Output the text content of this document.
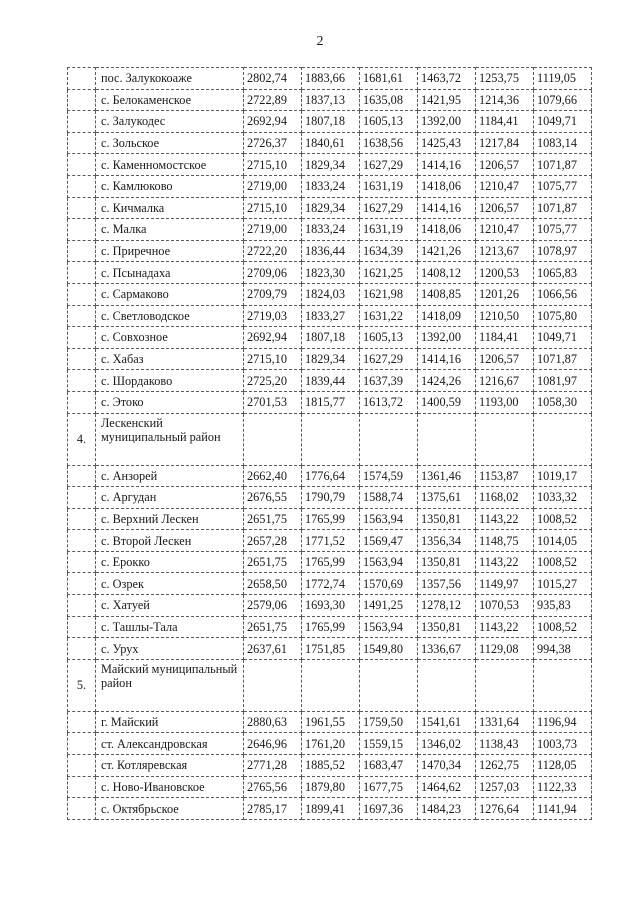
2
	пос. Залукокоаже	2802,74	1883,66	1681,61	1463,72	1253,75	1119,05
	с. Белокаменское	2722,89	1837,13	1635,08	1421,95	1214,36	1079,66
	с. Залукодес	2692,94	1807,18	1605,13	1392,00	1184,41	1049,71
	с. Зольское	2726,37	1840,61	1638,56	1425,43	1217,84	1083,14
	с. Каменномостское	2715,10	1829,34	1627,29	1414,16	1206,57	1071,87
	с. Камлюково	2719,00	1833,24	1631,19	1418,06	1210,47	1075,77
	с. Кичмалка	2715,10	1829,34	1627,29	1414,16	1206,57	1071,87
	с. Малка	2719,00	1833,24	1631,19	1418,06	1210,47	1075,77
	с. Приречное	2722,20	1836,44	1634,39	1421,26	1213,67	1078,97
	с. Псынадаха	2709,06	1823,30	1621,25	1408,12	1200,53	1065,83
	с. Сармаково	2709,79	1824,03	1621,98	1408,85	1201,26	1066,56
	с. Светловодское	2719,03	1833,27	1631,22	1418,09	1210,50	1075,80
	с. Совхозное	2692,94	1807,18	1605,13	1392,00	1184,41	1049,71
	с. Хабаз	2715,10	1829,34	1627,29	1414,16	1206,57	1071,87
	с. Шордаково	2725,20	1839,44	1637,39	1424,26	1216,67	1081,97
	с. Этоко	2701,53	1815,77	1613,72	1400,59	1193,00	1058,30
4.	Лескенский муниципальный район						
	с. Анзорей	2662,40	1776,64	1574,59	1361,46	1153,87	1019,17
	с. Аргудан	2676,55	1790,79	1588,74	1375,61	1168,02	1033,32
	с. Верхний Лескен	2651,75	1765,99	1563,94	1350,81	1143,22	1008,52
	с. Второй Лескен	2657,28	1771,52	1569,47	1356,34	1148,75	1014,05
	с. Ерокко	2651,75	1765,99	1563,94	1350,81	1143,22	1008,52
	с. Озрек	2658,50	1772,74	1570,69	1357,56	1149,97	1015,27
	с. Хатуей	2579,06	1693,30	1491,25	1278,12	1070,53	935,83
	с. Ташлы-Тала	2651,75	1765,99	1563,94	1350,81	1143,22	1008,52
	с. Урух	2637,61	1751,85	1549,80	1336,67	1129,08	994,38
5.	Майский муниципальный район						
	г. Майский	2880,63	1961,55	1759,50	1541,61	1331,64	1196,94
	ст. Александровская	2646,96	1761,20	1559,15	1346,02	1138,43	1003,73
	ст. Котляревская	2771,28	1885,52	1683,47	1470,34	1262,75	1128,05
	с. Ново-Ивановское	2765,56	1879,80	1677,75	1464,62	1257,03	1122,33
	с. Октябрьское	2785,17	1899,41	1697,36	1484,23	1276,64	1141,94
